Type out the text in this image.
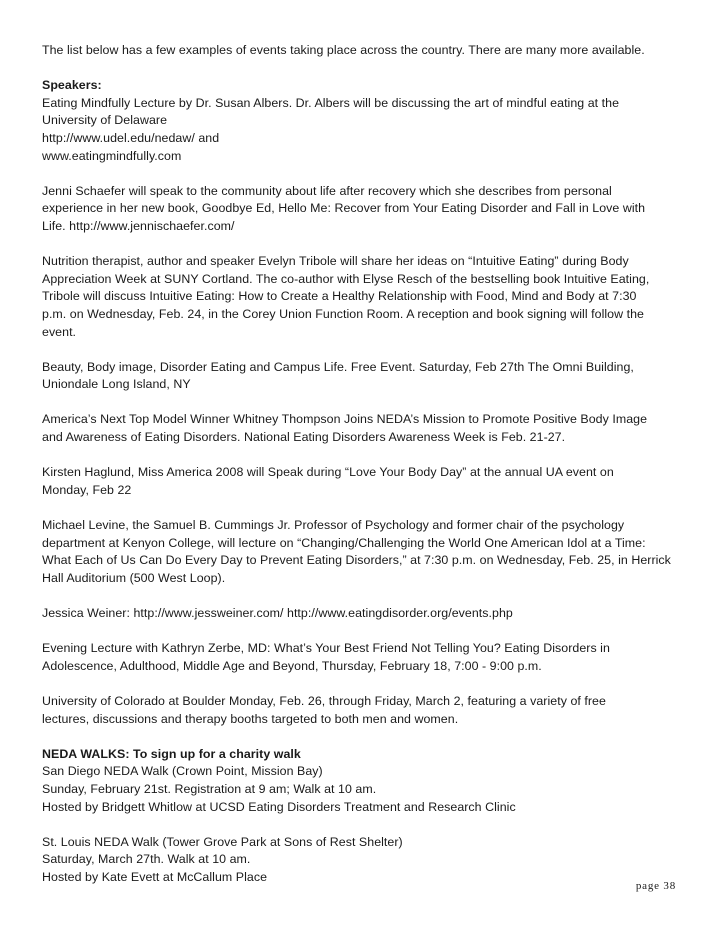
The list below has a few examples of events taking place across the country. There are many more available.

Speakers:

Eating Mindfully Lecture by Dr. Susan Albers. Dr. Albers will be discussing the art of mindful eating at the

University of Delaware

http://www.udel.edu/nedaw/ and

www.eatingmindfully.com

Jenni Schaefer will speak to the community about life after recovery which she describes from personal

experience in her new book, Goodbye Ed, Hello Me: Recover from Your Eating Disorder and Fall in Love with

Life. http://www.jennischaefer.com/

Nutrition therapist, author and speaker Evelyn Tribole will share her ideas on “Intuitive Eating” during Body

Appreciation Week at SUNY Cortland. The co-author with Elyse Resch of the bestselling book Intuitive Eating,

Tribole will discuss Intuitive Eating: How to Create a Healthy Relationship with Food, Mind and Body at 7:30

p.m. on Wednesday, Feb. 24, in the Corey Union Function Room. A reception and book signing will follow the

event.

Beauty, Body image, Disorder Eating and Campus Life. Free Event. Saturday, Feb 27th The Omni Building,

Uniondale Long Island, NY

America’s Next Top Model Winner Whitney Thompson Joins NEDA’s Mission to Promote Positive Body Image

and Awareness of Eating Disorders. National Eating Disorders Awareness Week is Feb. 21-27.

Kirsten Haglund, Miss America 2008 will Speak during “Love Your Body Day” at the annual UA event on

Monday, Feb 22

Michael Levine, the Samuel B. Cummings Jr. Professor of Psychology and former chair of the psychology

department at Kenyon College, will lecture on “Changing/Challenging the World One American Idol at a Time:

What Each of Us Can Do Every Day to Prevent Eating Disorders,” at 7:30 p.m. on Wednesday, Feb. 25, in Herrick

Hall Auditorium (500 West Loop).

Jessica Weiner: http://www.jessweiner.com/ http://www.eatingdisorder.org/events.php

Evening Lecture with Kathryn Zerbe, MD: What’s Your Best Friend Not Telling You? Eating Disorders in

Adolescence, Adulthood, Middle Age and Beyond, Thursday, February 18, 7:00 - 9:00 p.m.

University of Colorado at Boulder Monday, Feb. 26, through Friday, March 2, featuring a variety of free

lectures, discussions and therapy booths targeted to both men and women.

NEDA WALKS: To sign up for a charity walk

San Diego NEDA Walk (Crown Point, Mission Bay)

Sunday, February 21st. Registration at 9 am; Walk at 10 am.

Hosted by Bridgett Whitlow at UCSD Eating Disorders Treatment and Research Clinic

St. Louis NEDA Walk (Tower Grove Park at Sons of Rest Shelter)

Saturday, March 27th. Walk at 10 am.

Hosted by Kate Evett at McCallum Place

page 38
